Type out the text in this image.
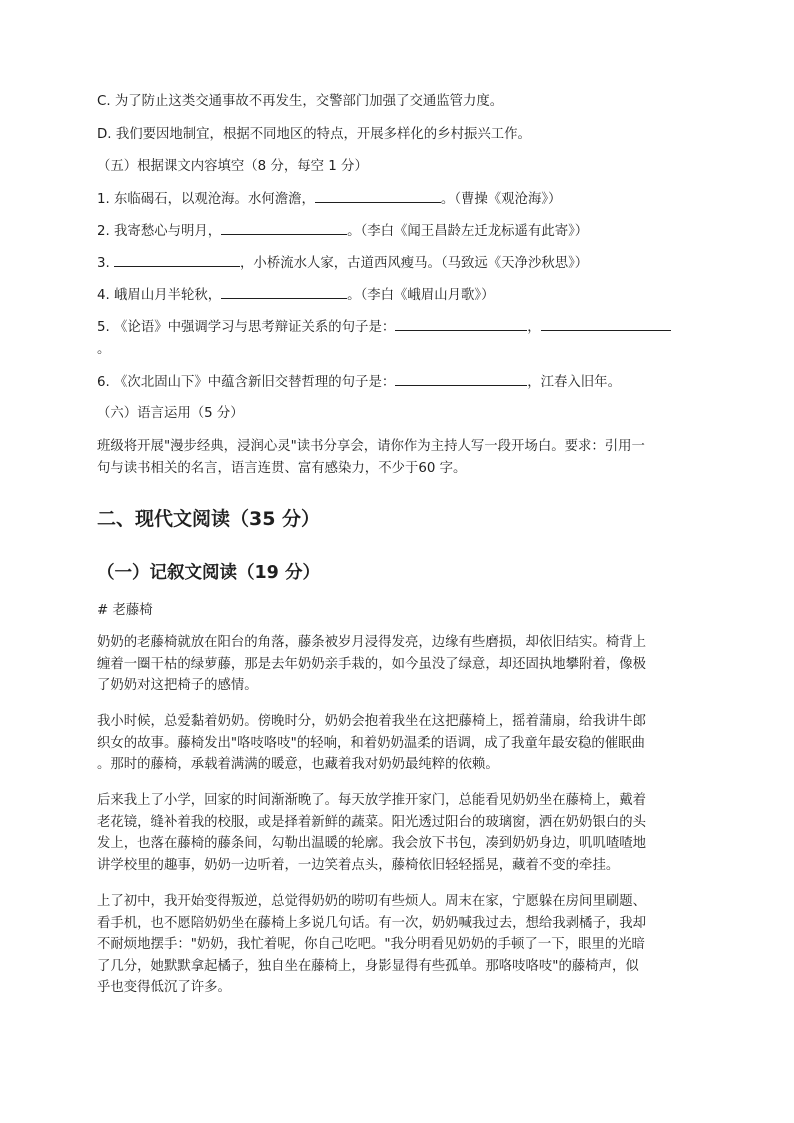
C. 为了防止这类交通事故不再发生，交警部门加强了交通监管力度。
D. 我们要因地制宜，根据不同地区的特点，开展多样化的乡村振兴工作。
（五）根据课文内容填空（8 分，每空 1 分）
1. 东临碣石，以观沧海。水何澹澹，	。（曹操《观沧海》）
2. 我寄愁心与明月，	。（李白《闻王昌龄左迁龙标遥有此寄》）
3.	，小桥流水人家，古道西风瘦马。（马致远《天净沙秋思》）
4. 峨眉山月半轮秋，	。（李白《峨眉山月歌》）
5. 《论语》中强调学习与思考辩证关系的句子是：	，
。
6. 《次北固山下》中蕴含新旧交替哲理的句子是：	，江春入旧年。
（六）语言运用（5 分）
班级将开展"漫步经典，浸润心灵"读书分享会，请你作为主持人写一段开场白。要求：引用一
句与读书相关的名言，语言连贯、富有感染力，不少于60 字。
二、现代文阅读（35 分）
（一）记叙文阅读（19 分）
# 老藤椅
奶奶的老藤椅就放在阳台的角落，藤条被岁月浸得发亮，边缘有些磨损，却依旧结实。椅背上
缠着一圈干枯的绿萝藤，那是去年奶奶亲手栽的，如今虽没了绿意，却还固执地攀附着，像极
了奶奶对这把椅子的感情。
我小时候，总爱黏着奶奶。傍晚时分，奶奶会抱着我坐在这把藤椅上，摇着蒲扇，给我讲牛郎
织女的故事。藤椅发出"咯吱咯吱"的轻响，和着奶奶温柔的语调，成了我童年最安稳的催眠曲
。那时的藤椅，承载着满满的暖意，也藏着我对奶奶最纯粹的依赖。
后来我上了小学，回家的时间渐渐晚了。每天放学推开家门，总能看见奶奶坐在藤椅上，戴着
老花镜，缝补着我的校服，或是择着新鲜的蔬菜。阳光透过阳台的玻璃窗，洒在奶奶银白的头
发上，也落在藤椅的藤条间，勾勒出温暖的轮廓。我会放下书包，凑到奶奶身边，叽叽喳喳地
讲学校里的趣事，奶奶一边听着，一边笑着点头，藤椅依旧轻轻摇晃，藏着不变的牵挂。
上了初中，我开始变得叛逆，总觉得奶奶的唠叨有些烦人。周末在家，宁愿躲在房间里刷题、
看手机，也不愿陪奶奶坐在藤椅上多说几句话。有一次，奶奶喊我过去，想给我剥橘子，我却
不耐烦地摆手："奶奶，我忙着呢，你自己吃吧。"我分明看见奶奶的手顿了一下，眼里的光暗
了几分，她默默拿起橘子，独自坐在藤椅上，身影显得有些孤单。那咯吱咯吱"的藤椅声，似
乎也变得低沉了许多。
